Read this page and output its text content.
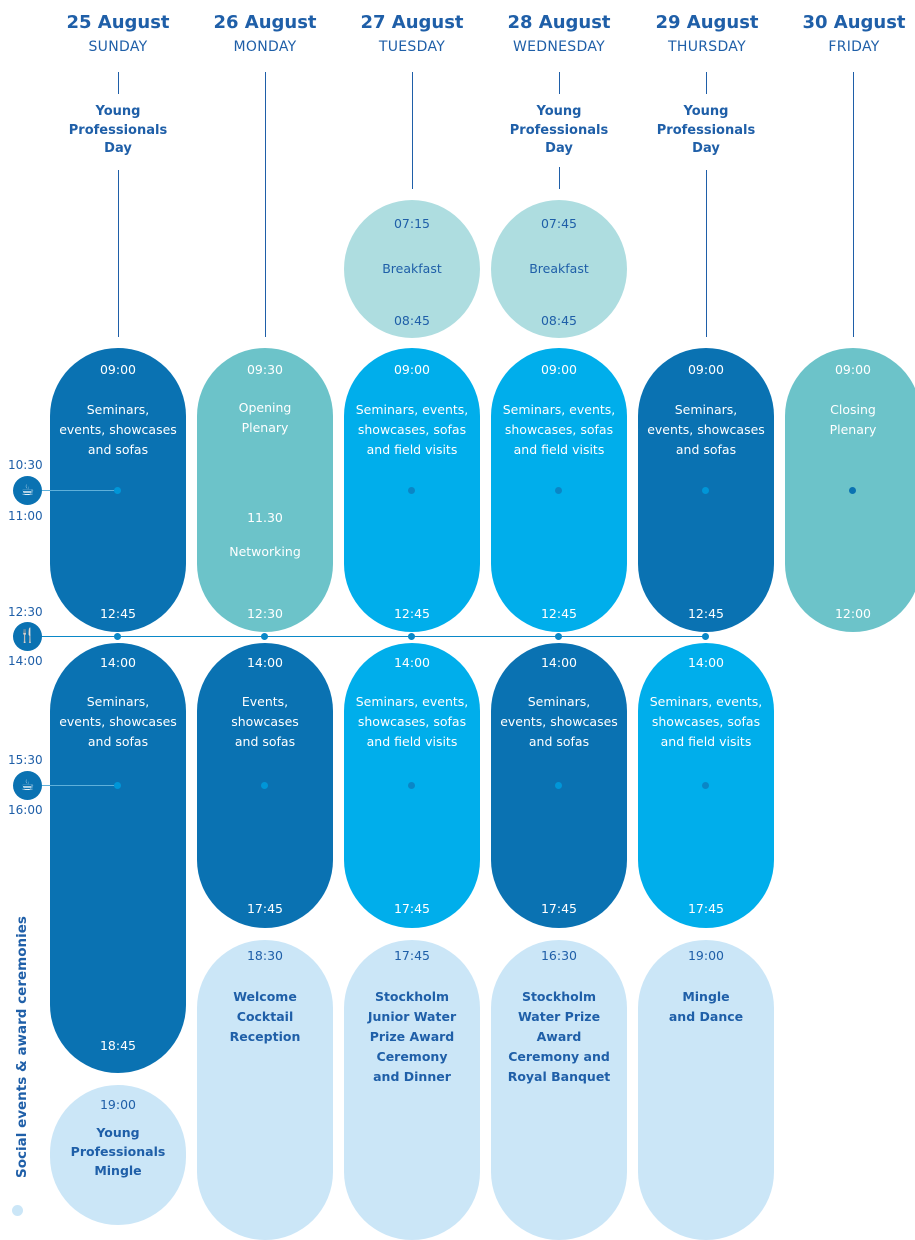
25 August
SUNDAY
26 August
MONDAY
27 August
TUESDAY
28 August
WEDNESDAY
29 August
THURSDAY
30 August
FRIDAY
Young
Professionals
Day
Young
Professionals
Day
Young
Professionals
Day
07:15
Breakfast
08:45
07:45
Breakfast
08:45
09:00
Seminars,
events, showcases
and sofas
12:45
09:30
Opening
Plenary
11.30
Networking
12:30
09:00
Seminars, events,
showcases, sofas
and field visits
12:45
09:00
Seminars, events,
showcases, sofas
and field visits
12:45
09:00
Seminars,
events, showcases
and sofas
12:45
09:00
Closing
Plenary
12:00
14:00
Seminars,
events, showcases
and sofas
18:45
14:00
Events,
showcases
and sofas
17:45
14:00
Seminars, events,
showcases, sofas
and field visits
17:45
14:00
Seminars,
events, showcases
and sofas
17:45
14:00
Seminars, events,
showcases, sofas
and field visits
17:45
19:00
Young
Professionals
Mingle
18:30
Welcome
Cocktail
Reception
17:45
Stockholm
Junior Water
Prize Award
Ceremony
and Dinner
16:30
Stockholm
Water Prize
Award
Ceremony and
Royal Banquet
19:00
Mingle
and Dance
10:30
☕
11:00
12:30
🍴
14:00
15:30
☕
16:00
Social events & award ceremonies
